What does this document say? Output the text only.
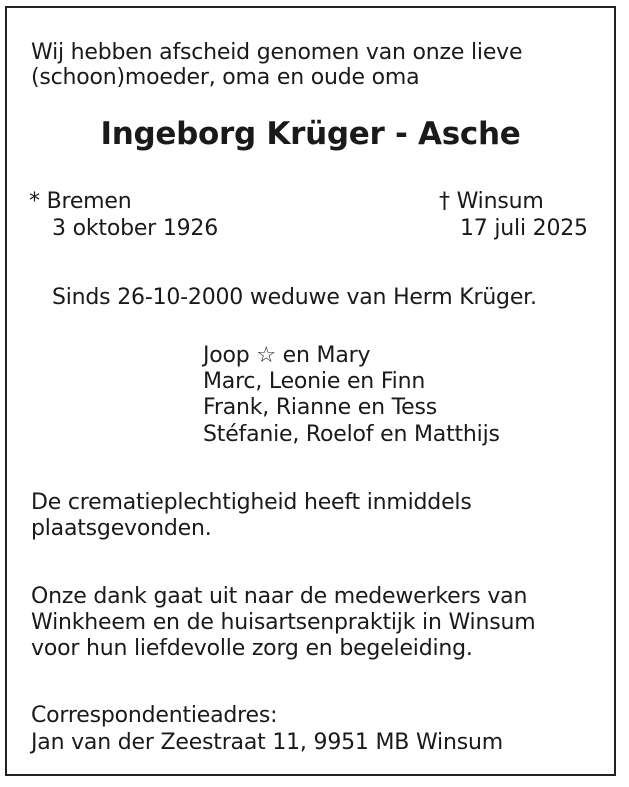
Wij hebben afscheid genomen van onze lieve
(schoon)moeder, oma en oude oma
Ingeborg Krüger - Asche
* Bremen
3 oktober 1926
† Winsum
17 juli 2025
Sinds 26-10-2000 weduwe van Herm Krüger.
Joop ☆ en Mary
Marc, Leonie en Finn
Frank, Rianne en Tess
Stéfanie, Roelof en Matthijs
De crematieplechtigheid heeft inmiddels
plaatsgevonden.
Onze dank gaat uit naar de medewerkers van
Winkheem en de huisartsenpraktijk in Winsum
voor hun liefdevolle zorg en begeleiding.
Correspondentieadres:
Jan van der Zeestraat 11, 9951 MB Winsum
